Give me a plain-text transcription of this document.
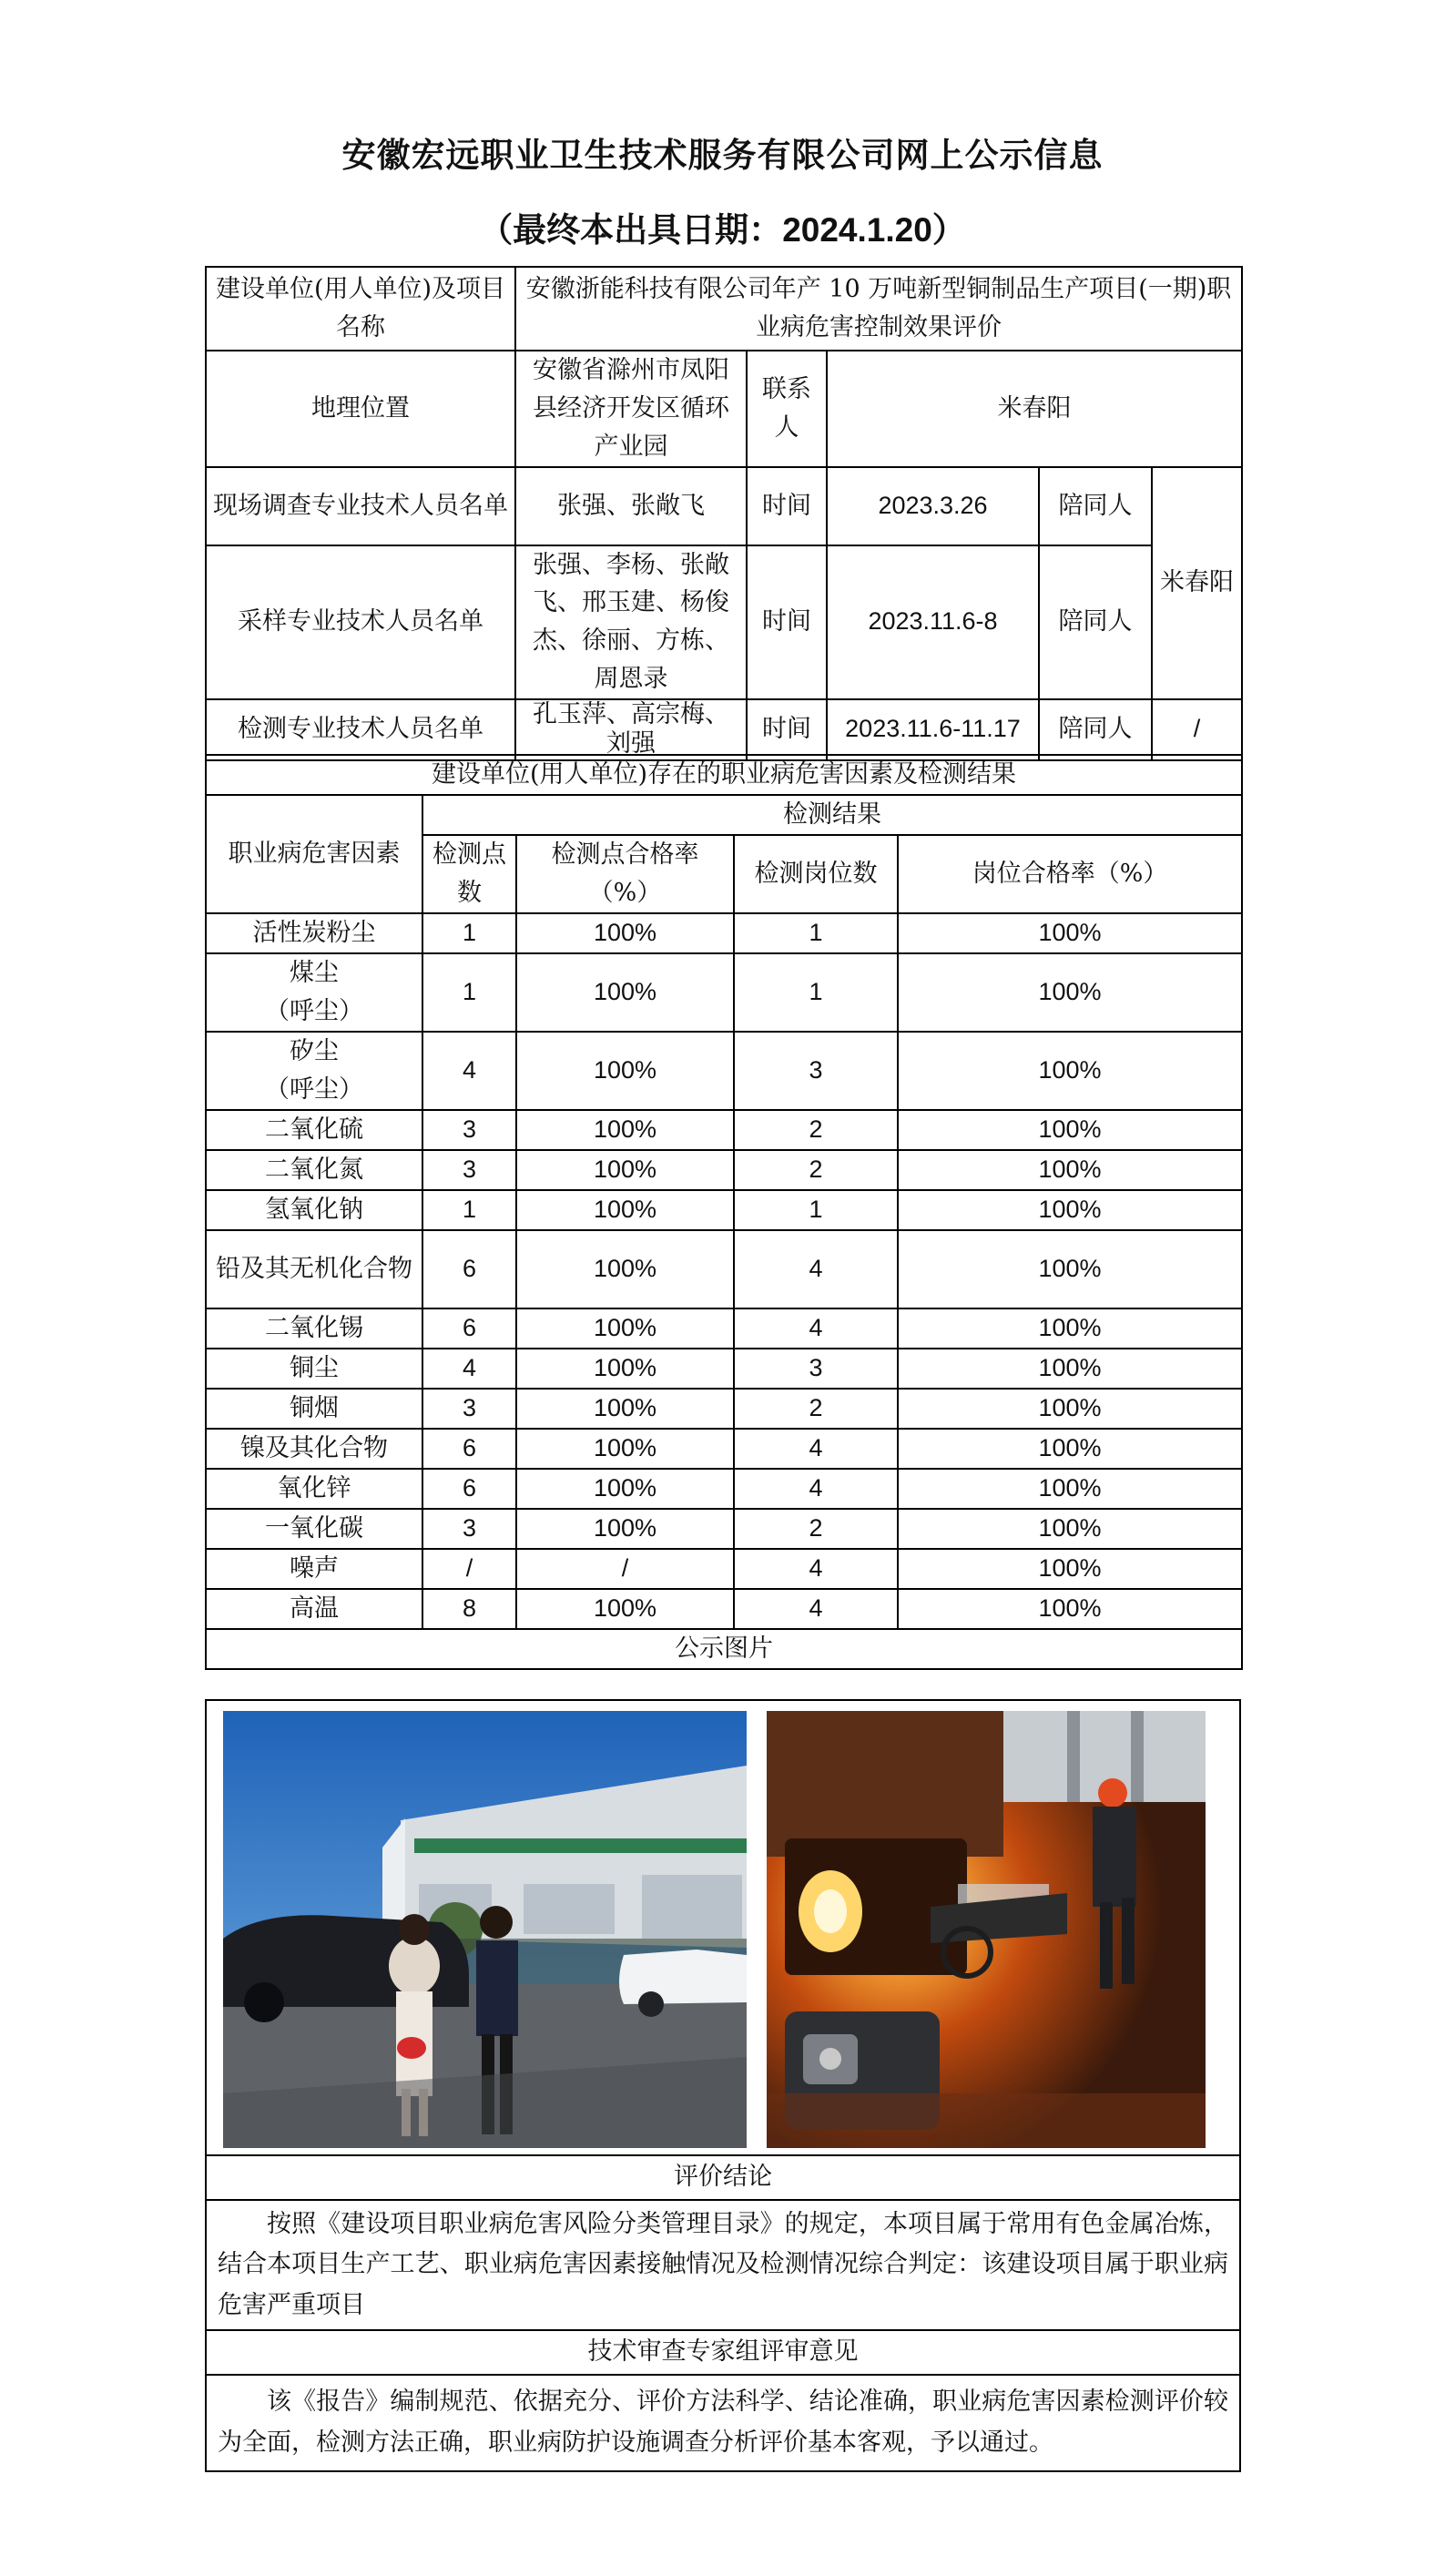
安徽宏远职业卫生技术服务有限公司网上公示信息
（最终本出具日期：2024.1.20）
建设单位(用人单位)及项目名称	安徽浙能科技有限公司年产 10 万吨新型铜制品生产项目(一期)职业病危害控制效果评价				
地理位置	安徽省滁州市凤阳县经济开发区循环产业园	联系人	米春阳		
现场调查专业技术人员名单	张强、张敞飞	时间	2023.3.26	陪同人	米春阳
采样专业技术人员名单	张强、李杨、张敞飞、邢玉建、杨俊杰、徐丽、方栋、周恩录	时间	2023.11.6-8	陪同人	
检测专业技术人员名单	孔玉萍、高宗梅、刘强	时间	2023.11.6-11.17	陪同人	/
建设单位(用人单位)存在的职业病危害因素及检测结果				
职业病危害因素	检测结果			
	检测点数	检测点合格率（%）	检测岗位数	岗位合格率（%）
活性炭粉尘	1	100%	1	100%
煤尘
（呼尘）	1	100%	1	100%
矽尘
（呼尘）	4	100%	3	100%
二氧化硫	3	100%	2	100%
二氧化氮	3	100%	2	100%
氢氧化钠	1	100%	1	100%
铅及其无机化合物	6	100%	4	100%
二氧化锡	6	100%	4	100%
铜尘	4	100%	3	100%
铜烟	3	100%	2	100%
镍及其化合物	6	100%	4	100%
氧化锌	6	100%	4	100%
一氧化碳	3	100%	2	100%
噪声	/	/	4	100%
高温	8	100%	4	100%
公示图片				
评价结论
按照《建设项目职业病危害风险分类管理目录》的规定，本项目属于常用有色金属冶炼，结合本项目生产工艺、职业病危害因素接触情况及检测情况综合判定：该建设项目属于职业病危害严重项目
技术审查专家组评审意见
该《报告》编制规范、依据充分、评价方法科学、结论准确，职业病危害因素检测评价较为全面，检测方法正确，职业病防护设施调查分析评价基本客观，予以通过。
